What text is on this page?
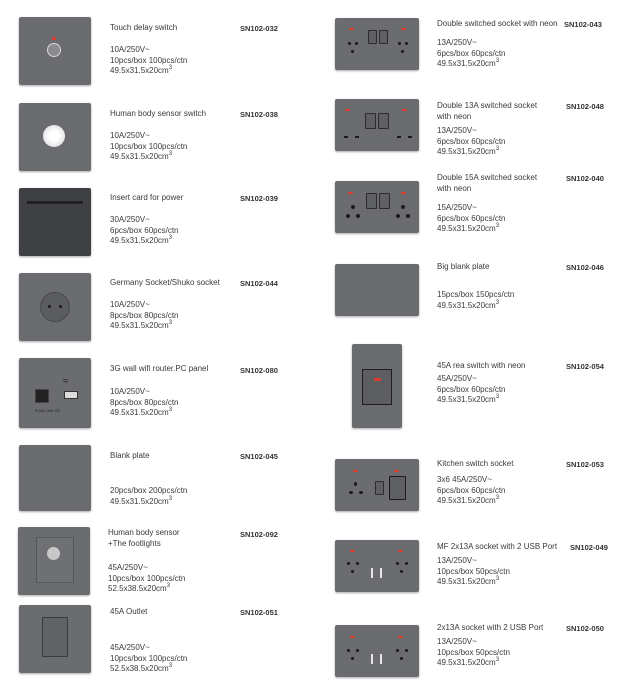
Touch delay switch	SN102-032
10A/250V~
10pcs/box 100pcs/ctn
$49.5x31.5x20cm^3$
Human body sensor switch	SN102-038
10A/250V~
10pcs/box 100pcs/ctn
$49.5x31.5x20cm^3$
Insert card for power	SN102-039
30A/250V~
6pcs/box 60pcs/ctn
$49.5x31.5x20cm^3$
Germany Socket/Shuko socket	SN102-044
10A/250V~
8pcs/box 80pcs/ctn
$49.5x31.5x20cm^3$
≈
RJ45 LAN 3G
3G wall wifi router.PC panel	SN102-080
10A/250V~
8pcs/box 80pcs/ctn
$49.5x31.5x20cm^3$
Blank plate	SN102-045
20pcs/box 200pcs/ctn
$49.5x31.5x20cm^3$
Human body sensor
+The footlights
SN102-092
45A/250V~
10pcs/box 100pcs/ctn
$52.5x38.5x20cm^3$
45A Outlet	SN102-051
45A/250V~
10pcs/box 100pcs/ctn
$52.5x38.5x20cm^3$
Double switched socket with neon SN102-043
13A/250V~
6pcs/box 60pcs/ctn
$49.5x31.5x20cm^3$
Double 13A switched socket
with neon
SN102-048
13A/250V~
6pcs/box 60pcs/ctn
$49.5x31.5x20cm^3$
Double 15A switched socket
with neon
SN102-040
15A/250V~
6pcs/box 60pcs/ctn
$49.5x31.5x20cm^3$
Big blank plate	SN102-046
15pcs/box 150pcs/ctn
$49.5x31.5x20cm^3$
45A rea switch with neon	SN102-054
45A/250V~
6pcs/box 60pcs/ctn
$49.5x31.5x20cm^3$
Kitchen switch socket	SN102-053
3x6 45A/250V~
6pcs/box 60pcs/ctn
$49.5x31.5x20cm^3$
MF 2x13A socket with 2 USB Port SN102-049
13A/250V~
10pcs/box 50pcs/ctn
$49.5x31.5x20cm^3$
2x13A socket with 2 USB Port	SN102-050
13A/250V~
10pcs/box 50pcs/ctn
$49.5x31.5x20cm^3$
